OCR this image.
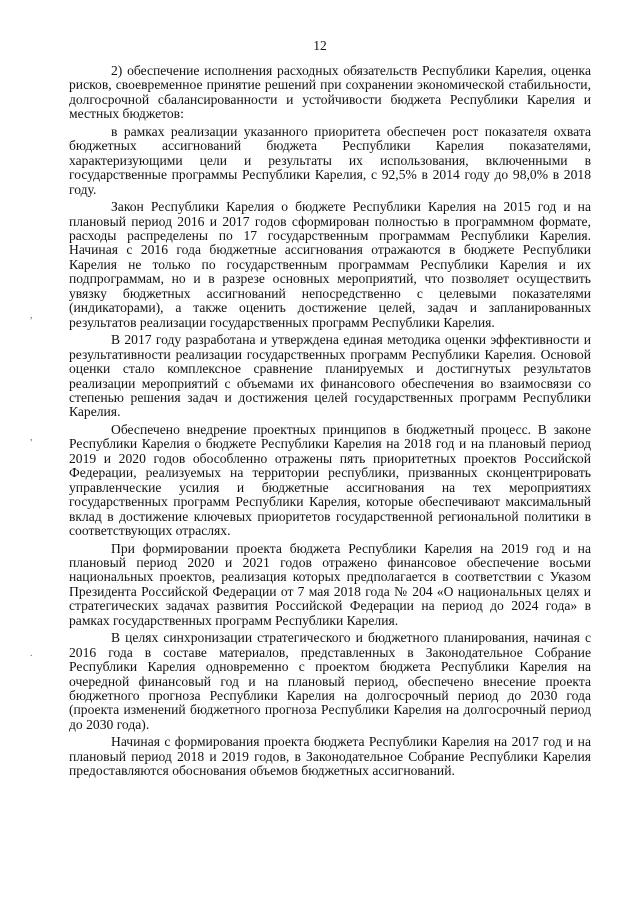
12
,
,
.

2) обеспечение исполнения расходных обязательств Республики Карелия, оценка рисков, своевременное принятие решений при сохранении экономической стабильности, долгосрочной сбалансированности и устойчивости бюджета Республики Карелия и местных бюджетов:

в рамках реализации указанного приоритета обеспечен рост показателя охвата бюджетных ассигнований бюджета Республики Карелия показателями, характеризующими цели и результаты их использования, включенными в государственные программы Республики Карелия, с 92,5% в 2014 году до 98,0% в 2018 году.

Закон Республики Карелия о бюджете Республики Карелия на 2015 год и на плановый период 2016 и 2017 годов сформирован полностью в программном формате, расходы распределены по 17 государственным программам Республики Карелия. Начиная с 2016 года бюджетные ассигнования отражаются в бюджете Республики Карелия не только по государственным программам Республики Карелия и их подпрограммам, но и в разрезе основных мероприятий, что позволяет осуществить увязку бюджетных ассигнований непосредственно с целевыми показателями (индикаторами), а также оценить достижение целей, задач и запланированных результатов реализации государственных программ Республики Карелия.

В 2017 году разработана и утверждена единая методика оценки эффективности и результативности реализации государственных программ Республики Карелия. Основой оценки стало комплексное сравнение планируемых и достигнутых результатов реализации мероприятий с объемами их финансового обеспечения во взаимосвязи со степенью решения задач и достижения целей государственных программ Республики Карелия.

Обеспечено внедрение проектных принципов в бюджетный процесс. В законе Республики Карелия о бюджете Республики Карелия на 2018 год и на плановый период 2019 и 2020 годов обособленно отражены пять приоритетных проектов Российской Федерации, реализуемых на территории республики, призванных сконцентрировать управленческие усилия и бюджетные ассигнования на тех мероприятиях государственных программ Республики Карелия, которые обеспечивают максимальный вклад в достижение ключевых приоритетов государственной региональной политики в соответствующих отраслях.

При формировании проекта бюджета Республики Карелия на 2019 год и на плановый период 2020 и 2021 годов отражено финансовое обеспечение восьми национальных проектов, реализация которых предполагается в соответствии с Указом Президента Российской Федерации от 7 мая 2018 года № 204 «О национальных целях и стратегических задачах развития Российской Федерации на период до 2024 года» в рамках государственных программ Республики Карелия.

В целях синхронизации стратегического и бюджетного планирования, начиная с 2016 года в составе материалов, представленных в Законодательное Собрание Республики Карелия одновременно с проектом бюджета Республики Карелия на очередной финансовый год и на плановый период, обеспечено внесение проекта бюджетного прогноза Республики Карелия на долгосрочный период до 2030 года (проекта изменений бюджетного прогноза Республики Карелия на долгосрочный период до 2030 года).

Начиная с формирования проекта бюджета Республики Карелия на 2017 год и на плановый период 2018 и 2019 годов, в Законодательное Собрание Республики Карелия предоставляются обоснования объемов бюджетных ассигнований.
